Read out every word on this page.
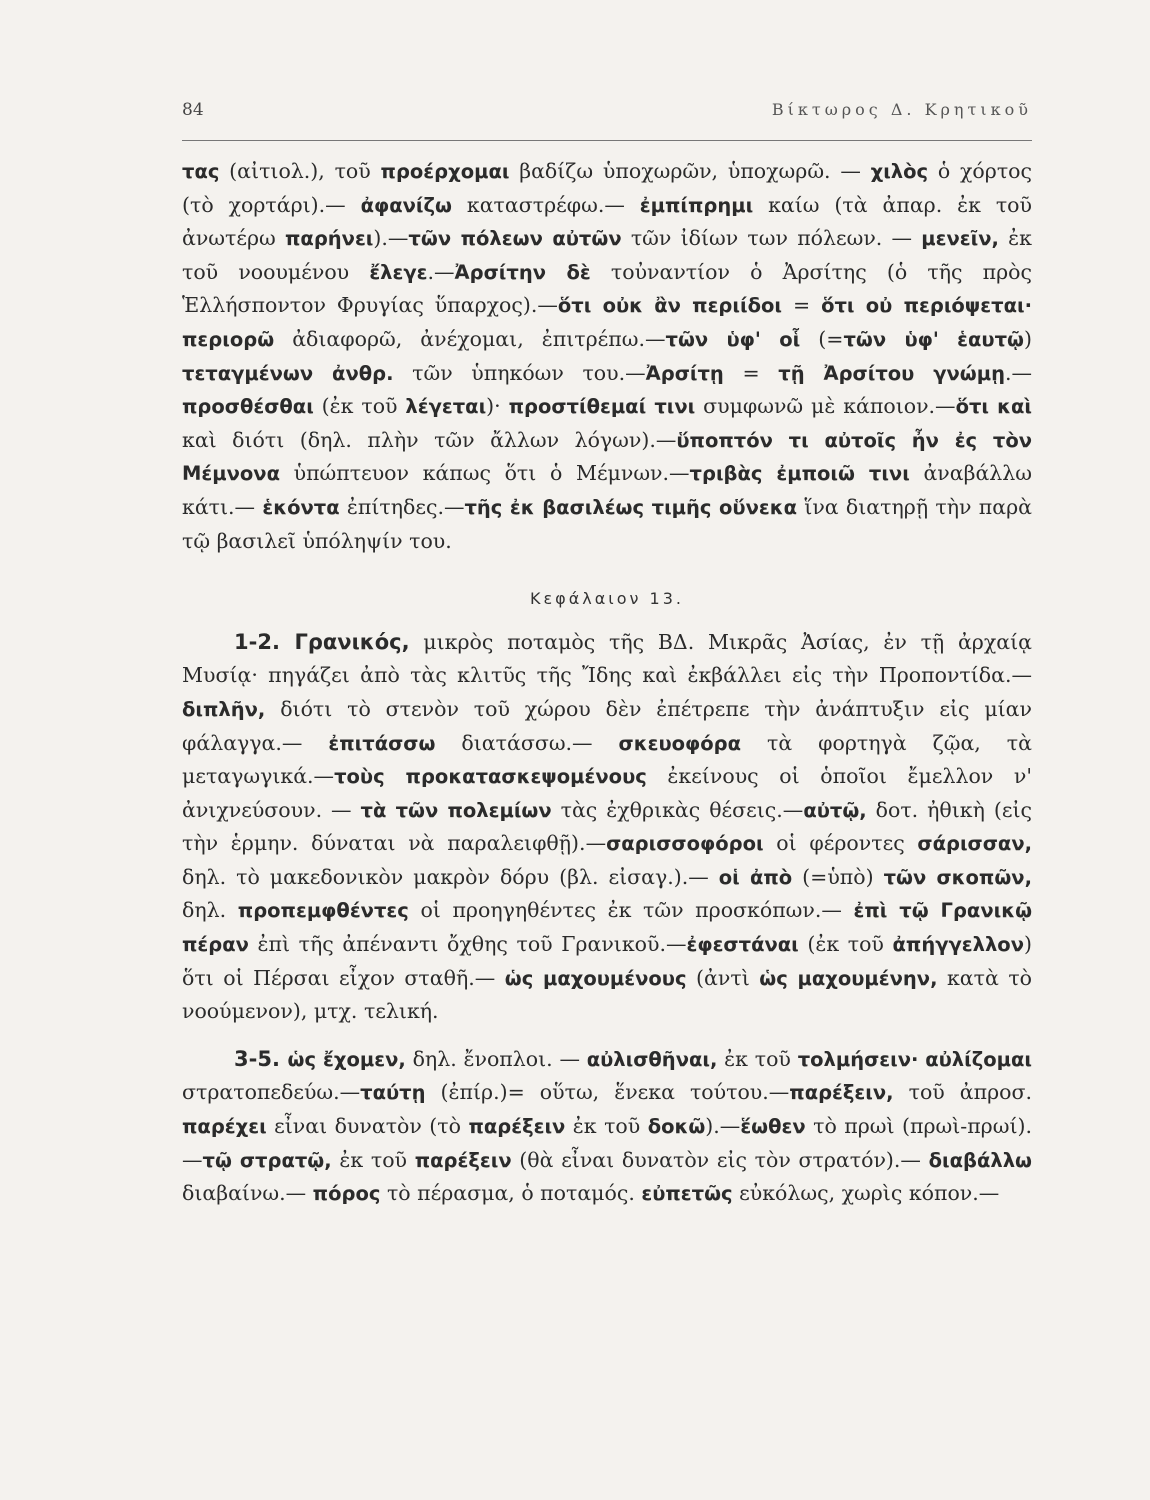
84	Βίκτωρος Δ. Κρητικοῦ

τας (αἰτιολ.), τοῦ προέρχομαι βαδίζω ὑποχωρῶν, ὑποχωρῶ. — χιλὸς ὁ χόρτος (τὸ χορτάρι).— ἀφανίζω καταστρέφω.— ἐμπίπρημι καίω (τὰ ἀπαρ. ἐκ τοῦ ἀνωτέρω παρήνει).—τῶν πόλεων αὐτῶν τῶν ἰδίων των πόλεων. — μενεῖν, ἐκ τοῦ νοουμένου ἔλεγε.—Ἀρσίτην δὲ τοὐναντίον ὁ Ἀρσίτης (ὁ τῆς πρὸς Ἑλλήσποντον Φρυγίας ὕπαρχος).—ὅτι οὐκ ἂν περιίδοι = ὅτι οὐ περιόψεται· περιορῶ ἀδιαφορῶ, ἀνέχομαι, ἐπιτρέπω.—τῶν ὑφ' οἷ (=τῶν ὑφ' ἑαυτῷ) τεταγμένων ἀνθρ. τῶν ὑπηκόων του.—Ἀρσίτῃ = τῇ Ἀρσίτου γνώμῃ.—προσθέσθαι (ἐκ τοῦ λέγεται)· προστίθεμαί τινι συμφωνῶ μὲ κάποιον.—ὅτι καὶ καὶ διότι (δηλ. πλὴν τῶν ἄλλων λόγων).—ὕποπτόν τι αὐτοῖς ἦν ἐς τὸν Μέμνονα ὑπώπτευον κάπως ὅτι ὁ Μέμνων.—τριβὰς ἐμποιῶ τινι ἀναβάλλω κάτι.— ἑκόντα ἐπίτηδες.—τῆς ἐκ βασιλέως τιμῆς οὕνεκα ἵνα διατηρῇ τὴν παρὰ τῷ βασιλεῖ ὑπόληψίν του.

Κεφάλαιον 13.

1-2. Γρανικός, μικρὸς ποταμὸς τῆς ΒΔ. Μικρᾶς Ἀσίας, ἐν τῇ ἀρχαίᾳ Μυσίᾳ· πηγάζει ἀπὸ τὰς κλιτῦς τῆς Ἴδης καὶ ἐκβάλλει εἰς τὴν Προποντίδα.— διπλῆν, διότι τὸ στενὸν τοῦ χώρου δὲν ἐπέτρεπε τὴν ἀνάπτυξιν εἰς μίαν φάλαγγα.— ἐπιτάσσω διατάσσω.— σκευοφόρα τὰ φορτηγὰ ζῷα, τὰ μεταγωγικά.—τοὺς προκατασκεψομένους ἐκείνους οἱ ὁποῖοι ἔμελλον ν' ἀνιχνεύσουν. — τὰ τῶν πολεμίων τὰς ἐχθρικὰς θέσεις.—αὐτῷ, δοτ. ἠθικὴ (εἰς τὴν ἑρμην. δύναται νὰ παραλειφθῇ).—σαρισσοφόροι οἱ φέροντες σάρισσαν, δηλ. τὸ μακεδονικὸν μακρὸν δόρυ (βλ. εἰσαγ.).— οἱ ἀπὸ (=ὑπὸ) τῶν σκοπῶν, δηλ. προπεμφθέντες οἱ προηγηθέντες ἐκ τῶν προσκόπων.— ἐπὶ τῷ Γρανικῷ πέραν ἐπὶ τῆς ἀπέναντι ὄχθης τοῦ Γρανικοῦ.—ἐφεστάναι (ἐκ τοῦ ἀπήγγελλον) ὅτι οἱ Πέρσαι εἶχον σταθῆ.— ὡς μαχουμένους (ἀντὶ ὡς μαχουμένην, κατὰ τὸ νοούμενον), μτχ. τελική.

3-5. ὡς ἔχομεν, δηλ. ἔνοπλοι. — αὐλισθῆναι, ἐκ τοῦ τολμήσειν· αὐλίζομαι στρατοπεδεύω.—ταύτῃ (ἐπίρ.)= οὕτω, ἕνεκα τούτου.—παρέξειν, τοῦ ἀπροσ. παρέχει εἶναι δυνατὸν (τὸ παρέξειν ἐκ τοῦ δοκῶ).—ἕωθεν τὸ πρωὶ (πρωὶ-πρωί).—τῷ στρατῷ, ἐκ τοῦ παρέξειν (θὰ εἶναι δυνατὸν εἰς τὸν στρατόν).— διαβάλλω διαβαίνω.— πόρος τὸ πέρασμα, ὁ ποταμός. εὐπετῶς εὐκόλως, χωρὶς κόπον.—
